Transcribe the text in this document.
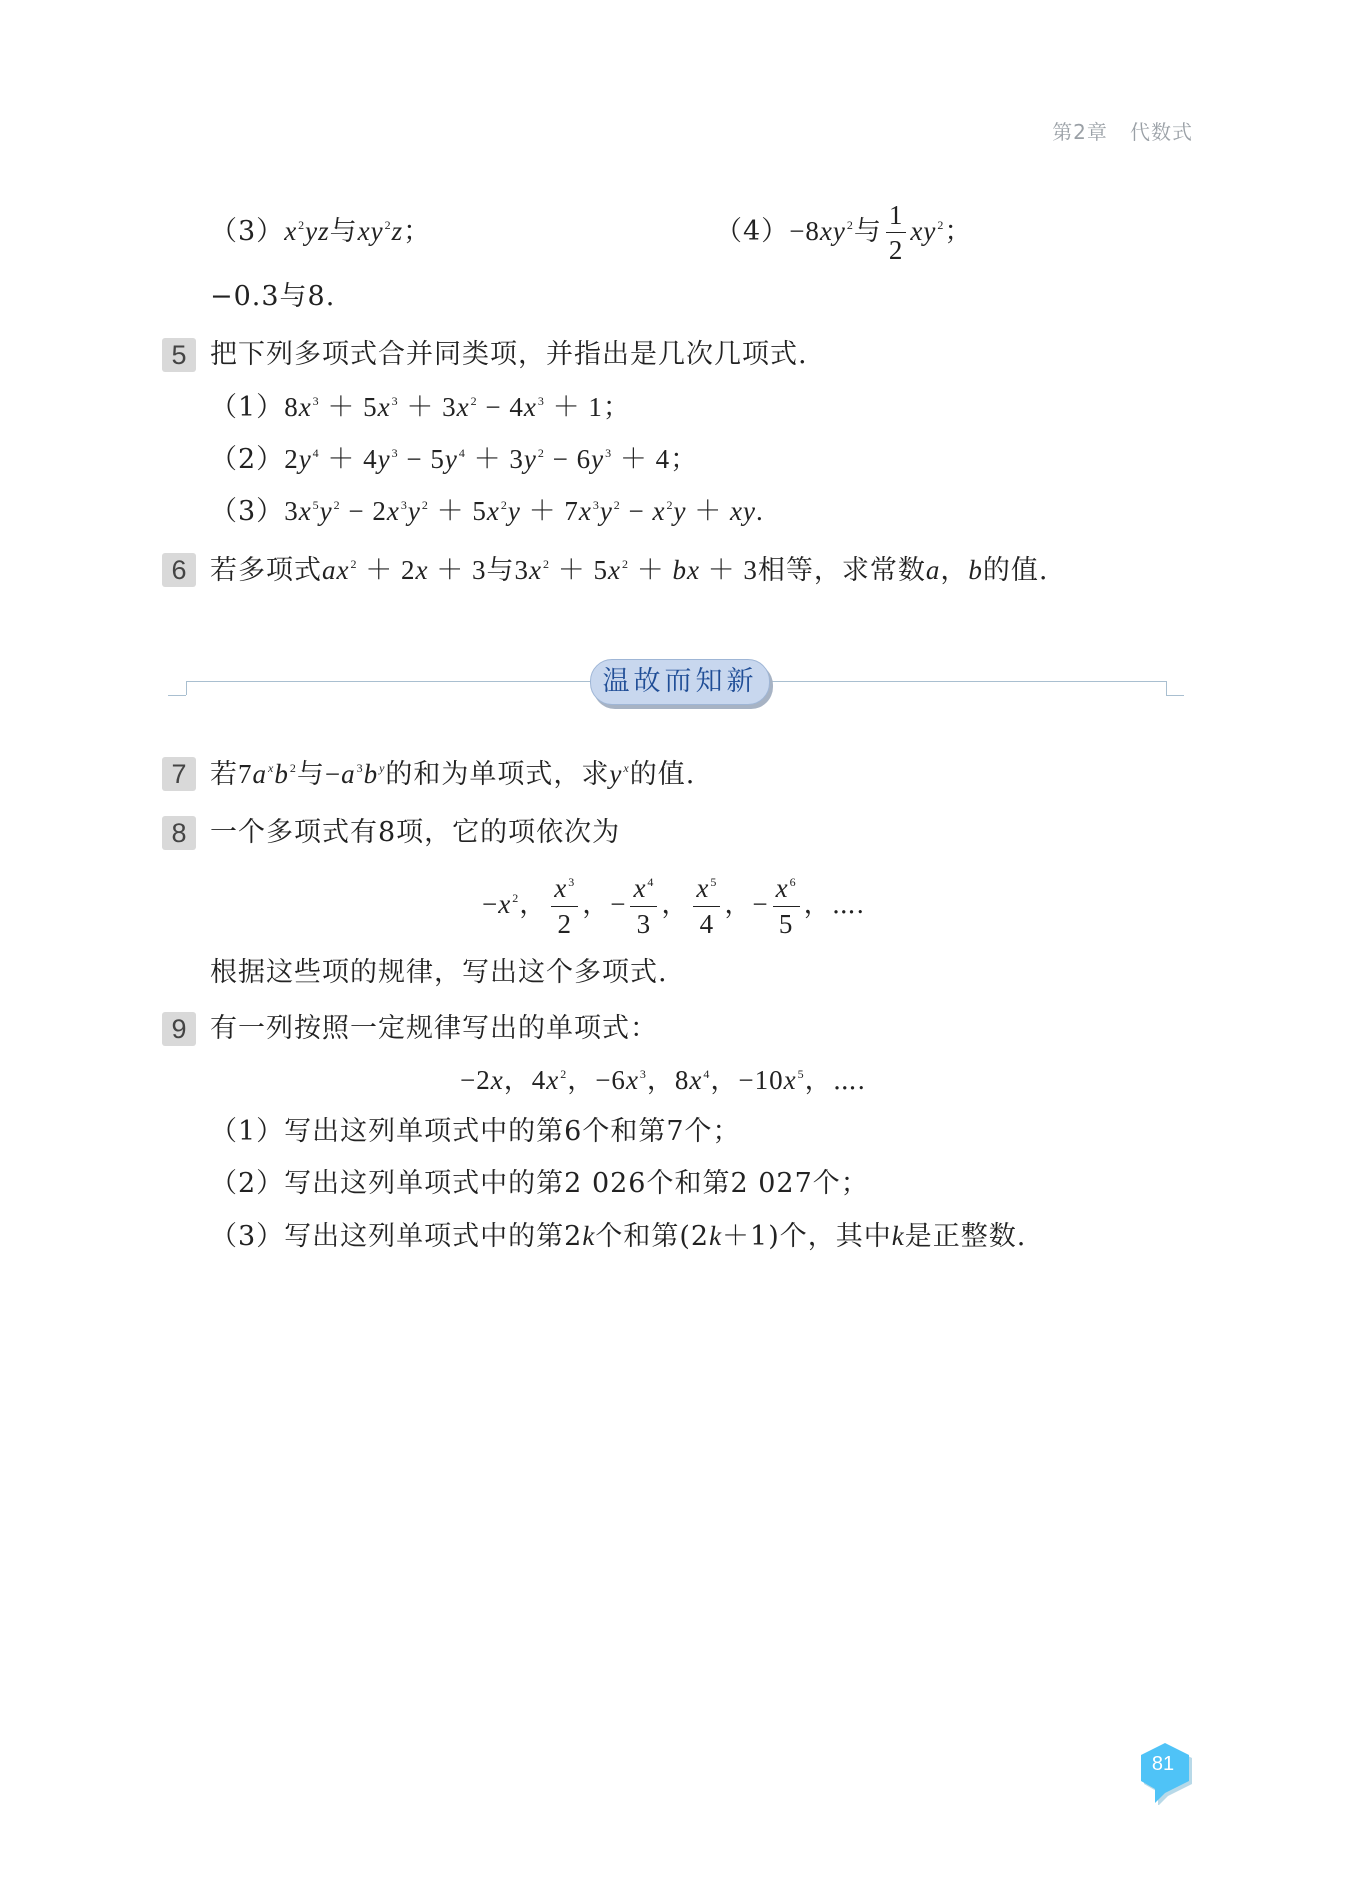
第2章 代数式
$(3)x^2yz$与$xy^2z$；	$(4)-8xy^2$与 $\frac{1}{2} xy^2$；
−0.3与8.
5 把下列多项式合并同类项，并指出是几次几项式.
$(1)8x^3 + 5x^3 + 3x^2 - 4x^3 + 1$；
$(2)2y^4 + 4y^3 - 5y^4 + 3y^2 - 6y^3 + 4$；
$(3)3x^5y^2 - 2x^3y^2 + 5x^2y + 7x^3y^2 - x^2y$ ＋ xy.
6 若多项式$ax^2 + 2x + 3$与$3x^2 + 5x^2$ ＋ bx ＋ 3相等，求常数a，b的值.
温故而知新
7 若$7a^xb^2$与$-a^3b^y$的和为单项式，求$y^x$的值.
8 一个多项式有8项，它的项依次为
$-x^2$， $\frac{x^3}{2}$ ，− $\frac{x^4}{3}$ ， $\frac{x^5}{4}$ ，− $\frac{x^6}{5}$ ，⋯.
根据这些项的规律，写出这个多项式.
9 有一列按照一定规律写出的单项式：
−2x，$4x^2$，$-6x^3$，$8x^4$，$-10x^5$，⋯.
（1）写出这列单项式中的第6个和第7个；
（2）写出这列单项式中的第2 026个和第2 027个；
（3）写出这列单项式中的第2k个和第(2k＋1)个，其中k是正整数.
81
